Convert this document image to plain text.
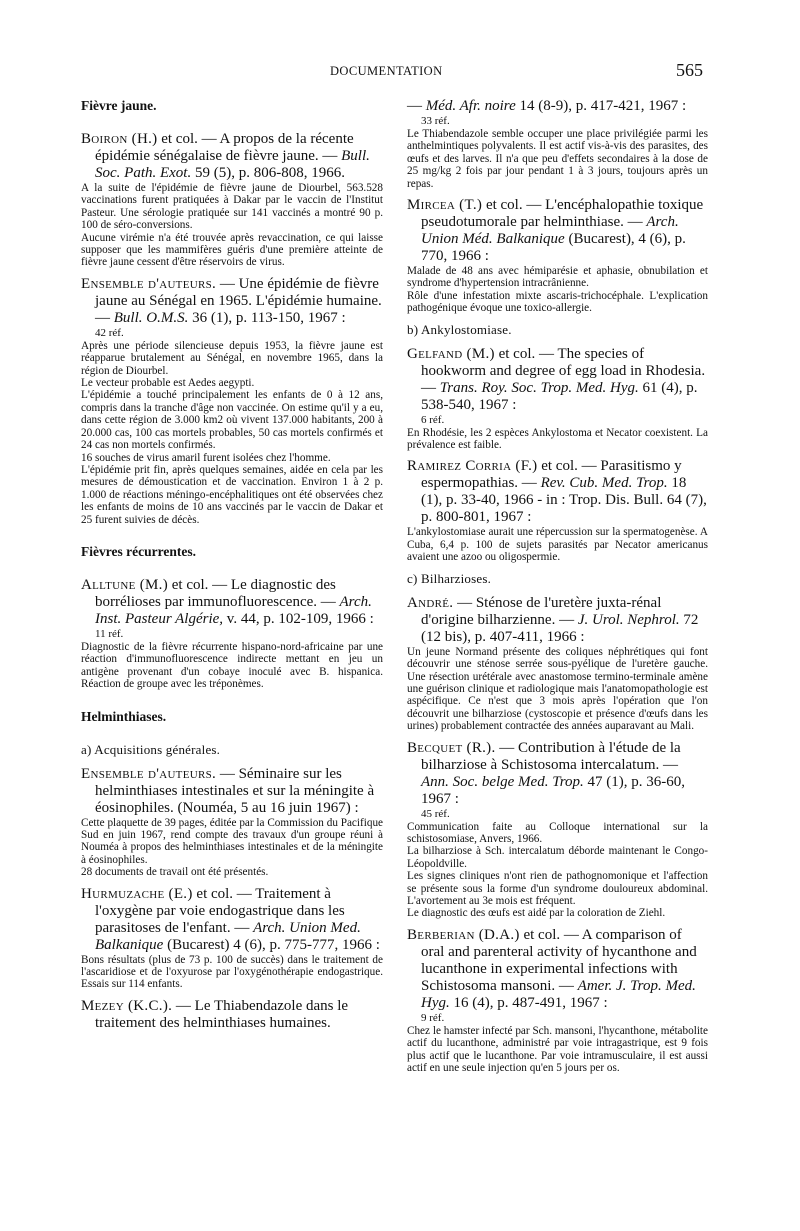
DOCUMENTATION	565
Fièvre jaune.

Boiron (H.) et col. — A propos de la récente épidémie sénégalaise de fièvre jaune. — Bull. Soc. Path. Exot. 59 (5), p. 806-808, 1966.

A la suite de l'épidémie de fièvre jaune de Diourbel, 563.528 vaccinations furent pratiquées à Dakar par le vaccin de l'Institut Pasteur. Une sérologie pratiquée sur 141 vaccinés a montré 90 p. 100 de séro-conversions.

Aucune virémie n'a été trouvée après revaccination, ce qui laisse supposer que les mammifères guéris d'une première atteinte de fièvre jaune cessent d'être réservoirs de virus.

Ensemble d'auteurs. — Une épidémie de fièvre jaune au Sénégal en 1965. L'épidémie humaine. — Bull. O.M.S. 36 (1), p. 113-150, 1967 :

42 réf.

Après une période silencieuse depuis 1953, la fièvre jaune est réapparue brutalement au Sénégal, en novembre 1965, dans la région de Diourbel.

Le vecteur probable est Aedes aegypti.

L'épidémie a touché principalement les enfants de 0 à 12 ans, compris dans la tranche d'âge non vaccinée. On estime qu'il y a eu, dans cette région de 3.000 km2 où vivent 137.000 habitants, 200 à 20.000 cas, 100 cas mortels probables, 50 cas mortels confirmés et 24 cas non mortels confirmés.

16 souches de virus amaril furent isolées chez l'homme.

L'épidémie prit fin, après quelques semaines, aidée en cela par les mesures de démoustication et de vaccination. Environ 1 à 2 p. 1.000 de réactions méningo-encéphalitiques ont été observées chez les enfants de moins de 10 ans vaccinés par le vaccin de Dakar et 25 furent suivies de décès.

Fièvres récurrentes.

Alltune (M.) et col. — Le diagnostic des borrélioses par immunofluorescence. — Arch. Inst. Pasteur Algérie, v. 44, p. 102-109, 1966 :

11 réf.

Diagnostic de la fièvre récurrente hispano-nord-africaine par une réaction d'immunofluorescence indirecte mettant en jeu un antigène provenant d'un cobaye inoculé avec B. hispanica. Réaction de groupe avec les tréponèmes.

Helminthiases.
a) Acquisitions générales.

Ensemble d'auteurs. — Séminaire sur les helminthiases intestinales et sur la méningite à éosinophiles. (Nouméa, 5 au 16 juin 1967) :

Cette plaquette de 39 pages, éditée par la Commission du Pacifique Sud en juin 1967, rend compte des travaux d'un groupe réuni à Nouméa à propos des helminthiases intestinales et de la méningite à éosinophiles.

28 documents de travail ont été présentés.

Hurmuzache (E.) et col. — Traitement à l'oxygène par voie endogastrique dans les parasitoses de l'enfant. — Arch. Union Med. Balkanique (Bucarest) 4 (6), p. 775-777, 1966 :

Bons résultats (plus de 73 p. 100 de succès) dans le traitement de l'ascaridiose et de l'oxyurose par l'oxygénothérapie endogastrique. Essais sur 114 enfants.

Mezey (K.C.). — Le Thiabendazole dans le traitement des helminthiases humaines.

— Méd. Afr. noire 14 (8-9), p. 417-421, 1967 :

33 réf.

Le Thiabendazole semble occuper une place privilégiée parmi les anthelmintiques polyvalents. Il est actif vis-à-vis des parasites, des œufs et des larves. Il n'a que peu d'effets secondaires à la dose de 25 mg/kg 2 fois par jour pendant 1 à 3 jours, toujours après un repas.

Mircea (T.) et col. — L'encéphalopathie toxique pseudotumorale par helminthiase. — Arch. Union Méd. Balkanique (Bucarest), 4 (6), p. 770, 1966 :

Malade de 48 ans avec hémiparésie et aphasie, obnubilation et syndrome d'hypertension intracrânienne.

Rôle d'une infestation mixte ascaris-trichocéphale. L'explication pathogénique évoque une toxico-allergie.

b) Ankylostomiase.

Gelfand (M.) et col. — The species of hookworm and degree of egg load in Rhodesia. — Trans. Roy. Soc. Trop. Med. Hyg. 61 (4), p. 538-540, 1967 :

6 réf.

En Rhodésie, les 2 espèces Ankylostoma et Necator coexistent. La prévalence est faible.

Ramirez Corria (F.) et col. — Parasitismo y espermopathias. — Rev. Cub. Med. Trop. 18 (1), p. 33-40, 1966 - in : Trop. Dis. Bull. 64 (7), p. 800-801, 1967 :

L'ankylostomiase aurait une répercussion sur la spermatogenèse. A Cuba, 6,4 p. 100 de sujets parasités par Necator americanus avaient une azoo ou oligospermie.

c) Bilharzioses.

André. — Sténose de l'uretère juxta-rénal d'origine bilharzienne. — J. Urol. Nephrol. 72 (12 bis), p. 407-411, 1966 :

Un jeune Normand présente des coliques néphrétiques qui font découvrir une sténose serrée sous-pyélique de l'uretère gauche. Une résection urétérale avec anastomose termino-terminale amène une guérison clinique et radiologique mais l'anatomopathologie est aspécifique. Ce n'est que 3 mois après l'opération que l'on découvrit une bilharziose (cystoscopie et présence d'œufs dans les urines) probablement contractée des années auparavant au Mali.

Becquet (R.). — Contribution à l'étude de la bilharziose à Schistosoma intercalatum. — Ann. Soc. belge Med. Trop. 47 (1), p. 36-60, 1967 :

45 réf.

Communication faite au Colloque international sur la schistosomiase, Anvers, 1966.

La bilharziose à Sch. intercalatum déborde maintenant le Congo-Léopoldville.

Les signes cliniques n'ont rien de pathognomonique et l'affection se présente sous la forme d'un syndrome douloureux abdominal. L'avortement au 3e mois est fréquent.

Le diagnostic des œufs est aidé par la coloration de Ziehl.

Berberian (D.A.) et col. — A comparison of oral and parenteral activity of hycanthone and lucanthone in experimental infections with Schistosoma mansoni. — Amer. J. Trop. Med. Hyg. 16 (4), p. 487-491, 1967 :

9 réf.

Chez le hamster infecté par Sch. mansoni, l'hycanthone, métabolite actif du lucanthone, administré par voie intragastrique, est 9 fois plus actif que le lucanthone. Par voie intramusculaire, il est aussi actif en une seule injection qu'en 5 jours per os.
